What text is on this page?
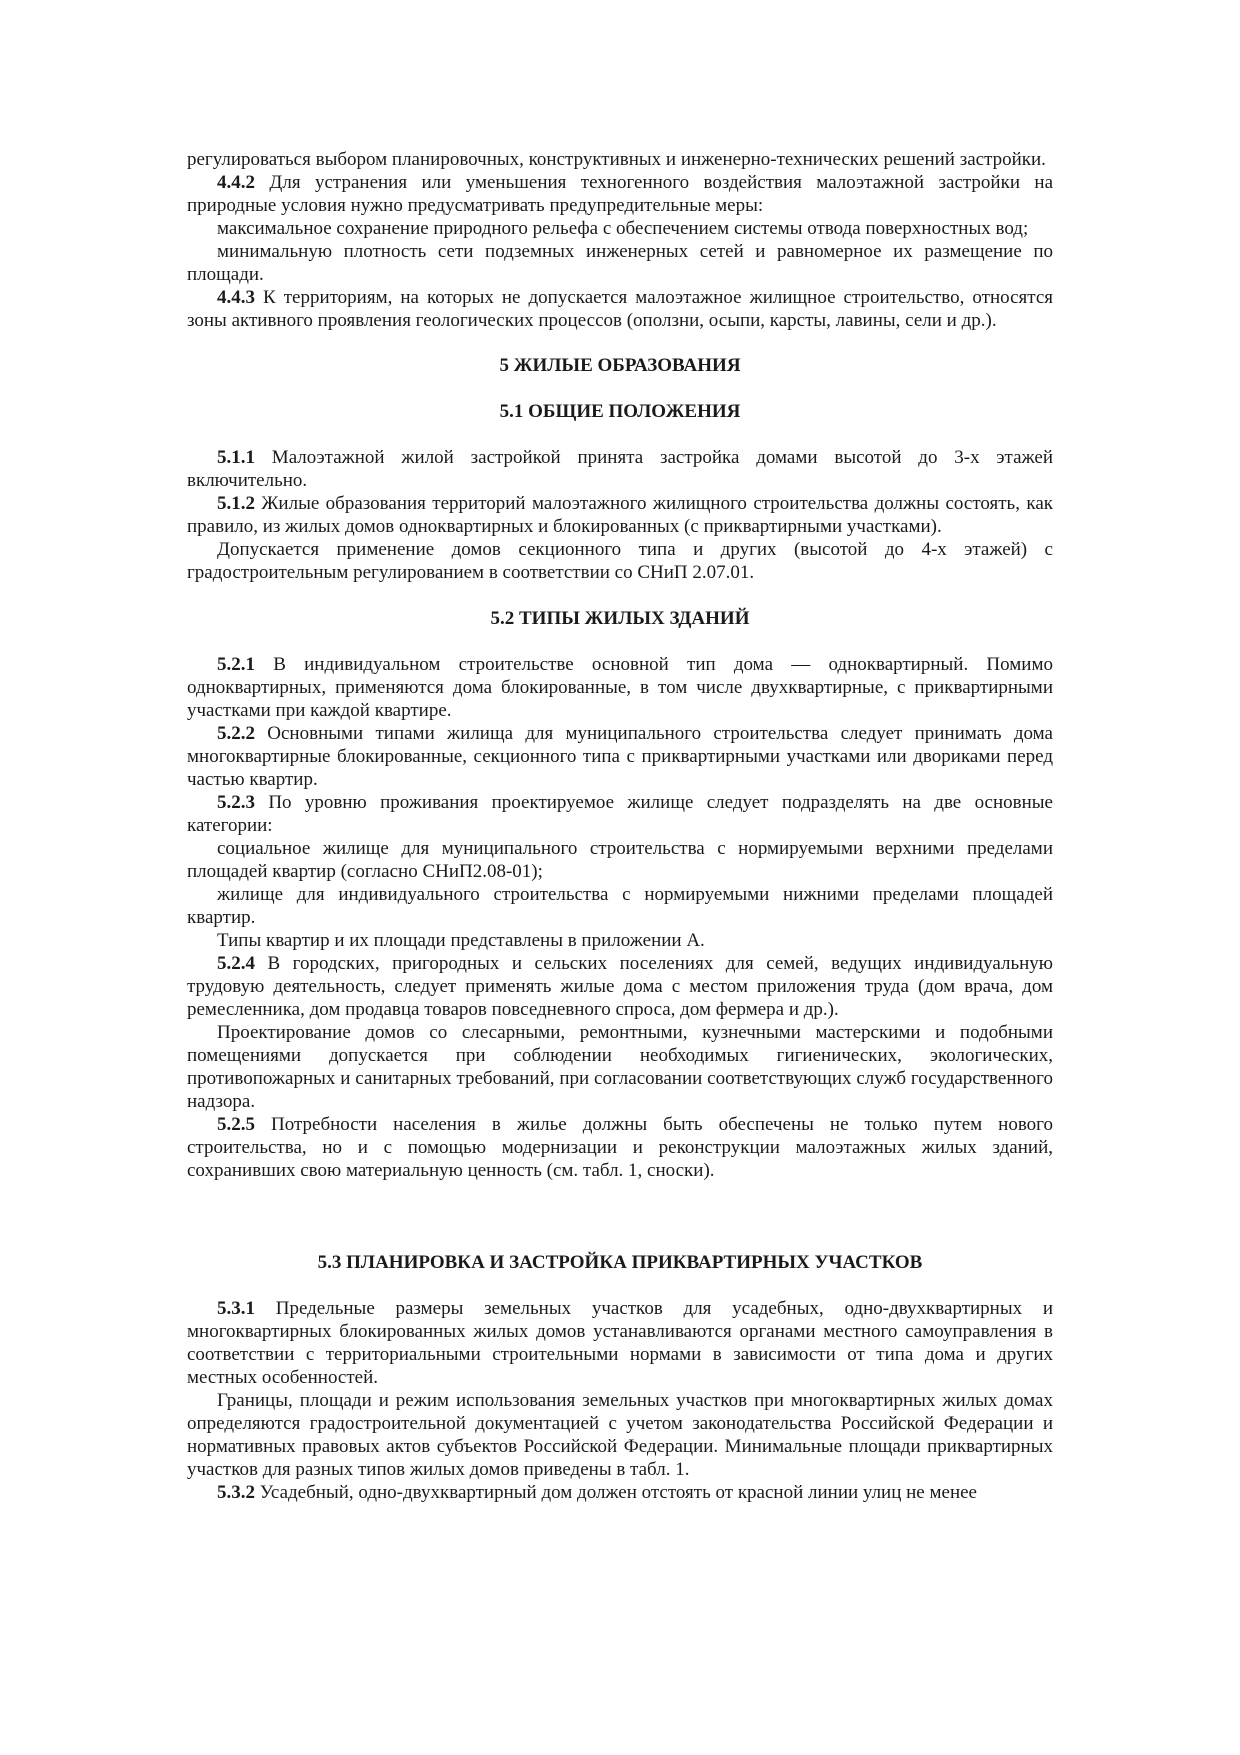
регулироваться выбором планировочных, конструктивных и инженерно-технических решений застройки.

4.4.2 Для устранения или уменьшения техногенного воздействия малоэтажной застройки на природные условия нужно предусматривать предупредительные меры:

максимальное сохранение природного рельефа с обеспечением системы отвода поверхностных вод;

минимальную плотность сети подземных инженерных сетей и равномерное их размещение по площади.

4.4.3 К территориям, на которых не допускается малоэтажное жилищное строительство, относятся зоны активного проявления геологических процессов (оползни, осыпи, карсты, лавины, сели и др.).

5 ЖИЛЫЕ ОБРАЗОВАНИЯ
5.1 ОБЩИЕ ПОЛОЖЕНИЯ

5.1.1 Малоэтажной жилой застройкой принята застройка домами высотой до 3-х этажей включительно.

5.1.2 Жилые образования территорий малоэтажного жилищного строительства должны состоять, как правило, из жилых домов одноквартирных и блокированных (с приквартирными участками).

Допускается применение домов секционного типа и других (высотой до 4-х этажей) с градостроительным регулированием в соответствии со СНиП 2.07.01.

5.2 ТИПЫ ЖИЛЫХ ЗДАНИЙ

5.2.1 В индивидуальном строительстве основной тип дома — одноквартирный. Помимо одноквартирных, применяются дома блокированные, в том числе двухквартирные, с приквартирными участками при каждой квартире.

5.2.2 Основными типами жилища для муниципального строительства следует принимать дома многоквартирные блокированные, секционного типа с приквартирными участками или двориками перед частью квартир.

5.2.3 По уровню проживания проектируемое жилище следует подразделять на две основные категории:

социальное жилище для муниципального строительства с нормируемыми верхними пределами площадей квартир (согласно СНиП2.08-01);

жилище для индивидуального строительства с нормируемыми нижними пределами площадей квартир.

Типы квартир и их площади представлены в приложении А.

5.2.4 В городских, пригородных и сельских поселениях для семей, ведущих индивидуальную трудовую деятельность, следует применять жилые дома с местом приложения труда (дом врача, дом ремесленника, дом продавца товаров повседневного спроса, дом фермера и др.).

Проектирование домов со слесарными, ремонтными, кузнечными мастерскими и подобными помещениями допускается при соблюдении необходимых гигиенических, экологических, противопожарных и санитарных требований, при согласовании соответствующих служб государственного надзора.

5.2.5 Потребности населения в жилье должны быть обеспечены не только путем нового строительства, но и с помощью модернизации и реконструкции малоэтажных жилых зданий, сохранивших свою материальную ценность (см. табл. 1, сноски).

5.3 ПЛАНИРОВКА И ЗАСТРОЙКА ПРИКВАРТИРНЫХ УЧАСТКОВ

5.3.1 Предельные размеры земельных участков для усадебных, одно-двухквартирных и многоквартирных блокированных жилых домов устанавливаются органами местного самоуправления в соответствии с территориальными строительными нормами в зависимости от типа дома и других местных особенностей.

Границы, площади и режим использования земельных участков при многоквартирных жилых домах определяются градостроительной документацией с учетом законодательства Российской Федерации и нормативных правовых актов субъектов Российской Федерации. Минимальные площади приквартирных участков для разных типов жилых домов приведены в табл. 1.

5.3.2 Усадебный, одно-двухквартирный дом должен отстоять от красной линии улиц не менее
